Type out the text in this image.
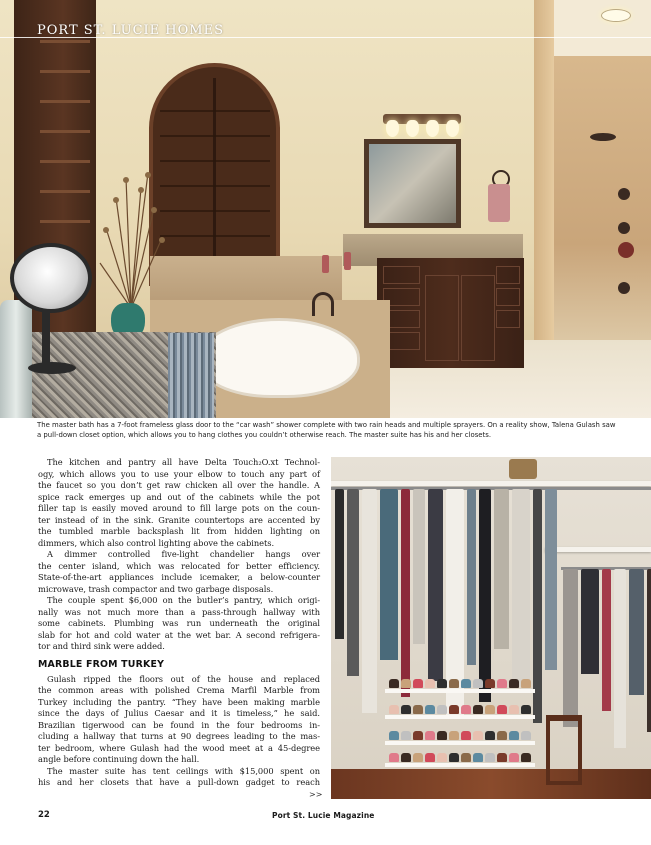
PORT ST. LUCIE HOMES
The master bath has a 7-foot frameless glass door to the “car wash” shower complete with two rain heads and multiple sprayers. On a reality show, Talena Gulash saw a pull-down closet option, which allows you to hang clothes you couldn’t otherwise reach. The master suite has his and her closets.
The kitchen and pantry all have Delta Touch₂O.xt Technol-
ogy, which allows you to use your elbow to touch any part of
the faucet so you don’t get raw chicken all over the handle. A
spice rack emerges up and out of the cabinets while the pot
filler tap is easily moved around to fill large pots on the coun-
ter instead of in the sink. Granite countertops are accented by
the tumbled marble backsplash lit from hidden lighting on
dimmers, which also control lighting above the cabinets.
A dimmer controlled five-light chandelier hangs over
the center island, which was relocated for better efficiency.
State-of-the-art appliances include icemaker, a below-counter
microwave, trash compactor and two garbage disposals.
The couple spent $6,000 on the butler’s pantry, which origi-
nally was not much more than a pass-through hallway with
some cabinets. Plumbing was run underneath the original
slab for hot and cold water at the wet bar. A second refrigera-
tor and third sink were added.
MARBLE FROM TURKEY
Gulash ripped the floors out of the house and replaced
the common areas with polished Crema Marfil Marble from
Turkey including the pantry. “They have been making marble
since the days of Julius Caesar and it is timeless,” he said.
Brazilian tigerwood can be found in the four bedrooms in-
cluding a hallway that turns at 90 degrees leading to the mas-
ter bedroom, where Gulash had the wood meet at a 45-degree
angle before continuing down the hall.
The master suite has tent ceilings with $15,000 spent on
his and her closets that have a pull-down gadget to reach
>>
22	Port St. Lucie Magazine
